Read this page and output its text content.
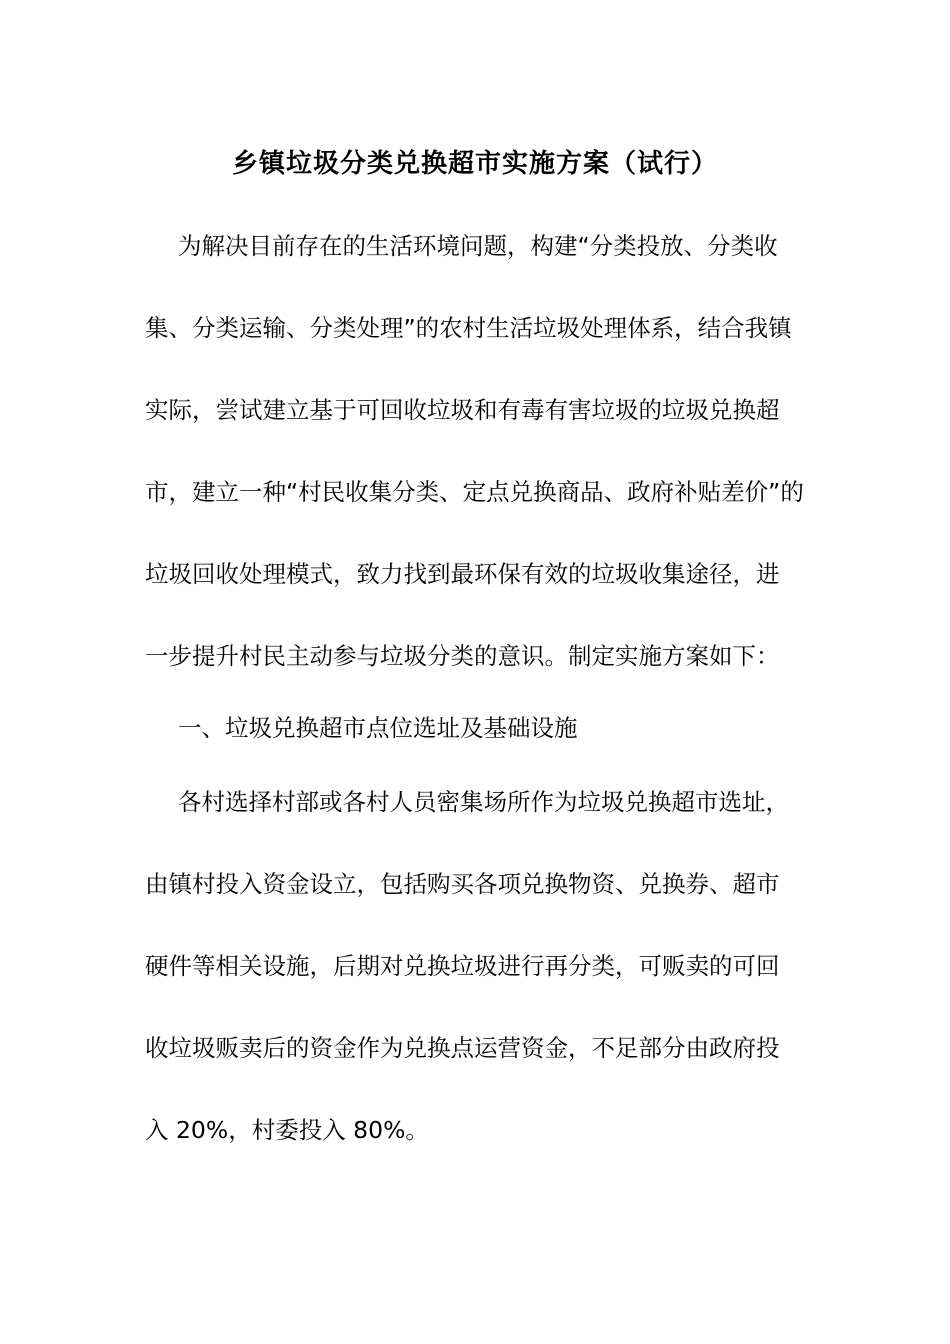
乡镇垃圾分类兑换超市实施方案（试行）
为解决目前存在的生活环境问题，构建“分类投放、分类收
集、分类运输、分类处理”的农村生活垃圾处理体系，结合我镇
实际，尝试建立基于可回收垃圾和有毒有害垃圾的垃圾兑换超
市，建立一种“村民收集分类、定点兑换商品、政府补贴差价”的
垃圾回收处理模式，致力找到最环保有效的垃圾收集途径，进
一步提升村民主动参与垃圾分类的意识。制定实施方案如下：
一、垃圾兑换超市点位选址及基础设施
各村选择村部或各村人员密集场所作为垃圾兑换超市选址，
由镇村投入资金设立，包括购买各项兑换物资、兑换券、超市
硬件等相关设施，后期对兑换垃圾进行再分类，可贩卖的可回
收垃圾贩卖后的资金作为兑换点运营资金，不足部分由政府投
入 20%，村委投入 80%。
